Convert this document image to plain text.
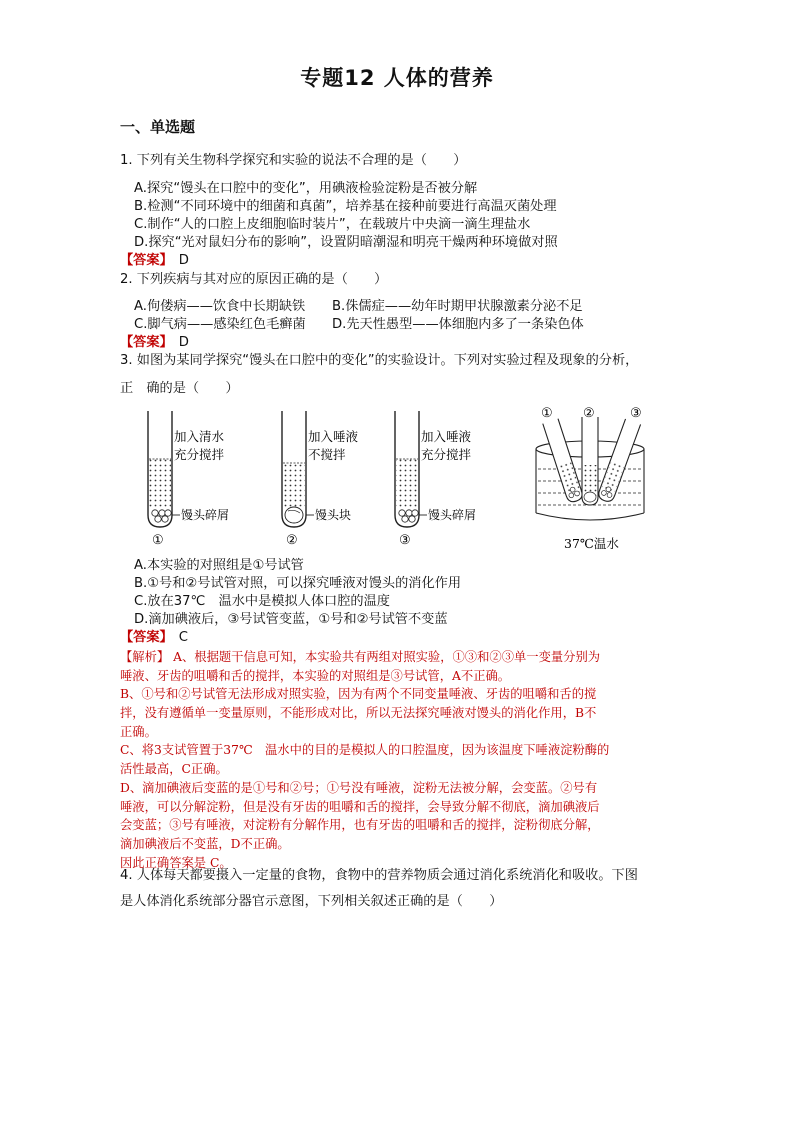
专题12 人体的营养
一、单选题
1. 下列有关生物科学探究和实验的说法不合理的是（　　）
A.探究“馒头在口腔中的变化”，用碘液检验淀粉是否被分解
B.检测“不同环境中的细菌和真菌”，培养基在接种前要进行高温灭菌处理
C.制作“人的口腔上皮细胞临时装片”，在载玻片中央滴一滴生理盐水
D.探究“光对鼠妇分布的影响”，设置阴暗潮湿和明亮干燥两种环境做对照
【答案】 D
2. 下列疾病与其对应的原因正确的是（　　）
A.佝偻病——饮食中长期缺铁 B.侏儒症——幼年时期甲状腺激素分泌不足
C.脚气病——感染红色毛癣菌 D.先天性愚型——体细胞内多了一条染色体
【答案】 D
3. 如图为某同学探究“馒头在口腔中的变化”的实验设计。下列对实验过程及现象的分析，
正　确的是（　　）
加入清水
充分搅拌
馒头碎屑
①
加入唾液
不搅拌
馒头块
②
加入唾液
充分搅拌
馒头碎屑
③
① ②	③
37℃温水
A.本实验的对照组是①号试管
B.①号和②号试管对照，可以探究唾液对馒头的消化作用
C.放在37℃　温水中是模拟人体口腔的温度
D.滴加碘液后，③号试管变蓝，①号和②号试管不变蓝
【答案】 C
【解析】 A、根据题干信息可知，本实验共有两组对照实验，①③和②③单一变量分别为
唾液、牙齿的咀嚼和舌的搅拌，本实验的对照组是③号试管，A不正确。
B、①号和②号试管无法形成对照实验，因为有两个不同变量唾液、牙齿的咀嚼和舌的搅
拌，没有遵循单一变量原则，不能形成对比，所以无法探究唾液对馒头的消化作用，B不
正确。
C、将3支试管置于37℃　温水中的目的是模拟人的口腔温度，因为该温度下唾液淀粉酶的
活性最高，C正确。
D、滴加碘液后变蓝的是①号和②号；①号没有唾液，淀粉无法被分解，会变蓝。②号有
唾液，可以分解淀粉，但是没有牙齿的咀嚼和舌的搅拌，会导致分解不彻底，滴加碘液后
会变蓝；③号有唾液，对淀粉有分解作用，也有牙齿的咀嚼和舌的搅拌，淀粉彻底分解，
滴加碘液后不变蓝，D不正确。
因此正确答案是 C。
4. 人体每天都要摄入一定量的食物，食物中的营养物质会通过消化系统消化和吸收。下图
是人体消化系统部分器官示意图，下列相关叙述正确的是（　　）
